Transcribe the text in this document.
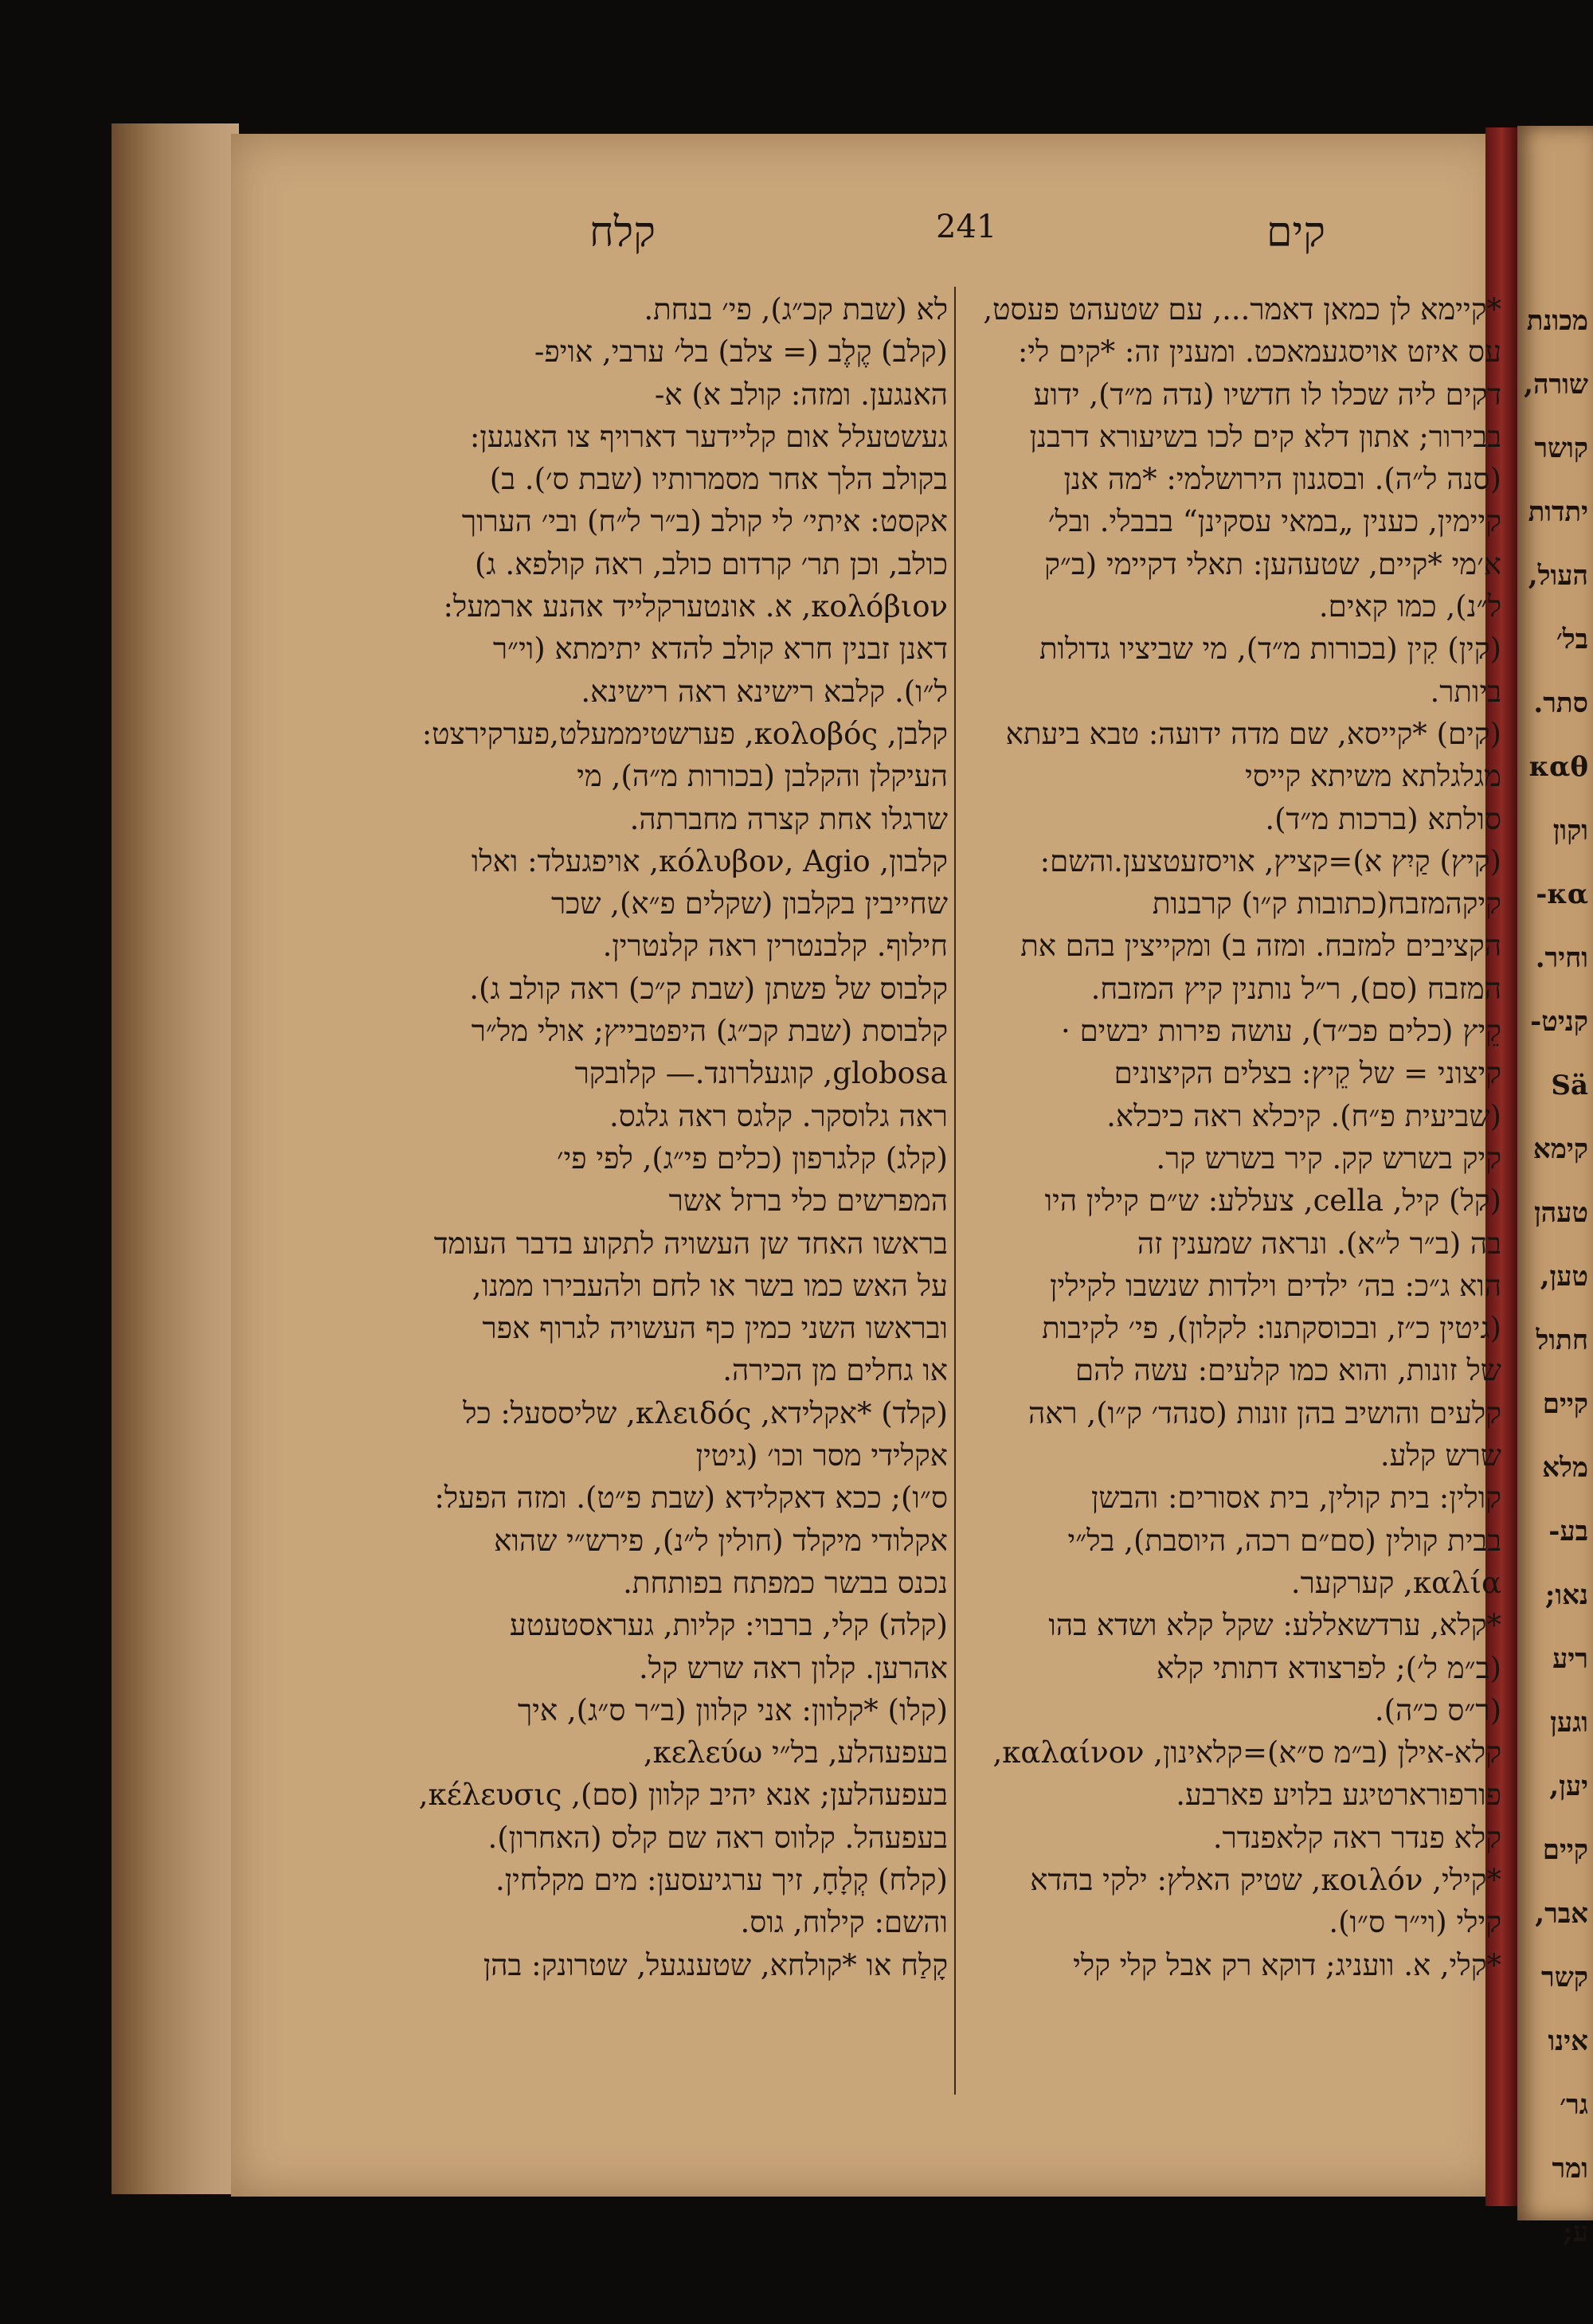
מכונת
שורה,
קושר
יתדות
העול,
בל׳
סתר.
καθ
וקון
κα-
וחיר.
קניט-
Sä
קימא
טעהן
טען,
חתול
קיים
מלא
בע-
נאו;
ריע
וגען
יען,
קיים
אבר,
קשר
אינו
גר׳
ומר
ע;
קים
241
קלח
*קיימא לן כמאן דאמר..., עם שטעהט פעסט,
עס איזט אויסגעמאכט. ומענין זה: *קים לי:
דקים ליה שכלו לו חדשיו (נדה מ״ד), ידוע
בבירור; אתון דלא קים לכו בשיעורא דרבנן
(סנה ל״ה). ובסגנון הירושלמי: *מה אנן
קיימין, כענין „במאי עסקינן“ בבבלי. ובל׳
א׳מי *קיים, שטעהען: תאלי דקיימי (ב״ק
ל״נ), כמו קאים.
(קין) קִין (בכורות מ״ד), מי שביציו גדולות
ביותר.
(קים) *קייסא, שם מדה ידועה: טבא ביעתא
מגלגלתא משיתא קייסי
סולתא (ברכות מ״ד).
(קיץ) קַיִץ א)=קציץ, אויסזעטצען.והשם:
קיקהמזבח(כתובות ק״ו) קרבנות
הקציבים למזבח. ומזה ב) ומקייצין בהם את
המזבח (סם), ר״ל נותנין קיץ המזבח.
קֵיץ (כלים פכ״ד), עושה פירות יבשים ·
קיצוני = של קֵיץ: בצלים הקיצונים
(שביעית פ״ח). קיכלא ראה כיכלא.
קיק בשרש קק. קיר בשרש קר.
(קל) קיל, cella, צעללע: ש״ם קילין היו
בה (ב״ר ל״א). ונראה שמענין זה
הוא ג״כ: בה׳ ילדים וילדות שנשבו לקילין
(גיטין כ״ז, ובכוסקתנו: לקלון), פי׳ לקיבות
של זונות, והוא כמו קלעים: עשה להם
קלעים והושיב בהן זונות (סנהד׳ ק״ו), ראה
שרש קלע.
קולין: בית קולין, בית אסורים: והבשן
בבית קולין (סם״ם רכה, היוסבת), בל״י
καλία, קערקער.
*קלא, ערדשאללע: שקל קלא ושדא בהו
(ב״מ ל׳); לפרצודא דתותי קלא
(ר״ס כ״ה).
קלא-אילן (ב״מ ס״א)=קלאינון, καλαίνον,
פורפורארטיגע בלויע פארבע.
קלא פנדר ראה קלאפנדר.
*קילי, κοιλόν, שטיק האלץ: ילקי בהדא
קילי (וי״ר ס״ו).
*קלי, א. וועניג; דוקא רק אבל קלי קלי
לא (שבת קכ״ג), פי׳ בנחת.
(קלב) קֶלֶב (= צלב) בל׳ ערבי, אויפ-
האנגען. ומזה: קולב א) א-
געשטעלל אום קליידער דארויף צו האנגען:
בקולב הלך אחר מסמרותיו (שבת ס׳). ב)
אקסט: איתי׳ לי קולב (ב״ר ל״ח) ובי׳ הערוך
כולב, וכן תר׳ קרדום כולב, ראה קולפא. ג)
κολόβιον, א. אונטערקלייד אהנע ארמעל:
דאנן זבנין חרא קולב להדא יתימתא (וי״ר
ל״ו). קלבא רישינא ראה רישינא.
קלבן, κολοβός, פערשטיממעלט,פערקירצט:
העיקלן והקלבן (בכורות מ״ה), מי
שרגלו אחת קצרה מחברתה.
קלבון, κόλυβον, Agio, אויפגעלד: ואלו
שחייבין בקלבון (שקלים פ״א), שכר
חילוף. קלבנטרין ראה קלנטרין.
קלבוס של פשתן (שבת ק״כ) ראה קולב ג).
קלבוסת (שבת קכ״ג) היפטבייץ; אולי מל״ר
globosa, קוגעלרונד.— קלובקר
ראה גלוסקר. קלגס ראה גלגס.
(קלג) קלגרפון (כלים פי״ג), לפי פי׳
המפרשים כלי ברזל אשר
בראשו האחד שן העשויה לתקוע בדבר העומד
על האש כמו בשר או לחם ולהעבירו ממנו,
ובראשו השני כמין כף העשויה לגרוף אפר
או גחלים מן הכירה.
(קלד) *אקלידא, κλειδός, שליססעל: כל
אקלידי מסר וכו׳ (גיטין
ס״ו); ככא דאקלידא (שבת פ״ט). ומזה הפעל:
אקלודי מיקלד (חולין ל״נ), פירש״י שהוא
נכנס בבשר כמפתח בפותחת.
(קלה) קלי, ברבוי: קליות, געראסטעטע
אהרען. קלון ראה שרש קל.
(קלו) *קלוון: אני קלוון (ב״ר ס״ג), איך
בעפעהלע, בל״י κελεύω,
בעפעהלען; אנא יהיב קלוון (סם), κέλευσις,
בעפעהל. קלווס ראה שם קלס (האחרון).
(קלח) קְלָחָ, זיך ערגיעסען: מים מקלחין.
והשם: קילוח, גוס.
קָלַח או *קולחא, שטענגעל, שטרונק: בהן
